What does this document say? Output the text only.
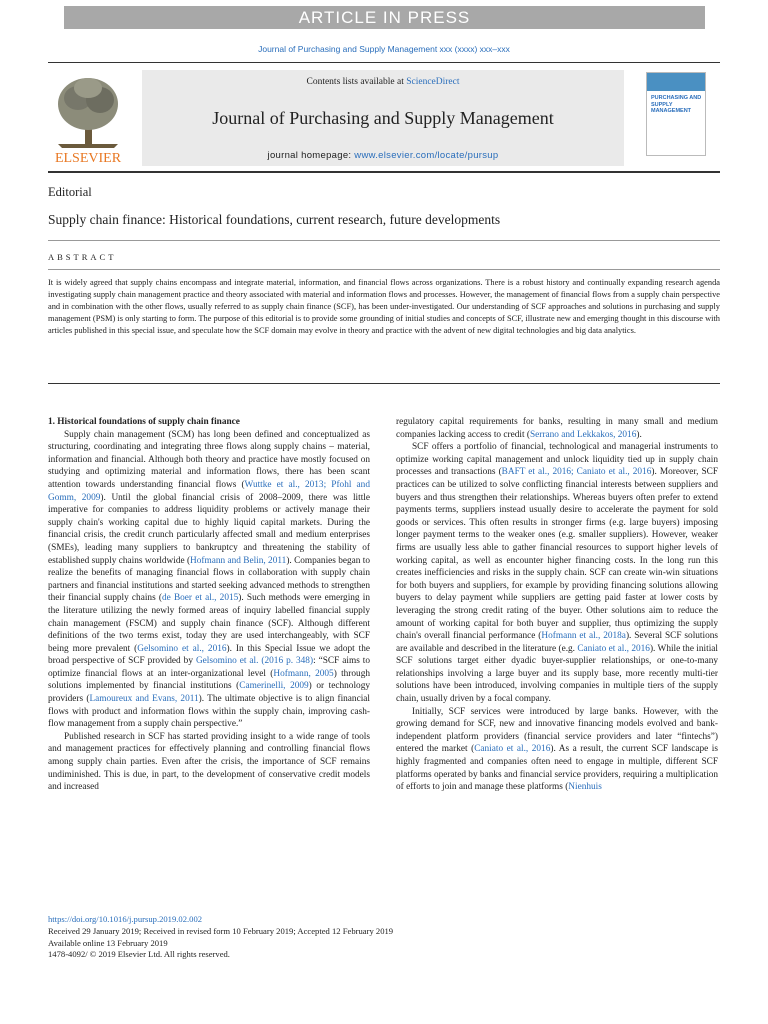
ARTICLE IN PRESS
Journal of Purchasing and Supply Management xxx (xxxx) xxx–xxx
ELSEVIER
Contents lists available at ScienceDirect
Journal of Purchasing and Supply Management
journal homepage: www.elsevier.com/locate/pursup
PURCHASING AND SUPPLY MANAGEMENT
Editorial
Supply chain finance: Historical foundations, current research, future developments
ABSTRACT
It is widely agreed that supply chains encompass and integrate material, information, and financial flows across organizations. There is a robust history and continually expanding research agenda investigating supply chain management practice and theory associated with material and information flows and processes. However, the management of financial flows from a supply chain perspective and in combination with the other flows, usually referred to as supply chain finance (SCF), has been under-investigated. Our understanding of SCF approaches and solutions in purchasing and supply management (PSM) is only starting to form. The purpose of this editorial is to provide some grounding of initial studies and concepts of SCF, illustrate new and emerging thought in this discourse with articles published in this special issue, and speculate how the SCF domain may evolve in theory and practice with the advent of new digital technologies and big data analytics.

1. Historical foundations of supply chain finance

Supply chain management (SCM) has long been defined and conceptualized as structuring, coordinating and integrating three flows along supply chains – material, information and financial. Although both theory and practice have mostly focused on studying and optimizing material and information flows, there has been scant attention towards understanding financial flows (Wuttke et al., 2013; Pfohl and Gomm, 2009). Until the global financial crisis of 2008–2009, there was little imperative for companies to address liquidity problems or actively manage their supply chain's working capital due to highly liquid capital markets. During the financial crisis, the credit crunch particularly affected small and medium enterprises (SMEs), leading many suppliers to bankruptcy and threatening the stability of established supply chains worldwide (Hofmann and Belin, 2011). Companies began to realize the benefits of managing financial flows in collaboration with supply chain partners and financial institutions and started seeking advanced methods to strengthen their financial supply chains (de Boer et al., 2015). Such methods were emerging in the literature utilizing the newly formed areas of inquiry labelled financial supply chain management (FSCM) and supply chain finance (SCF). Although different definitions of the two terms exist, today they are used interchangeably, with SCF being more prevalent (Gelsomino et al., 2016). In this Special Issue we adopt the broad perspective of SCF provided by Gelsomino et al. (2016 p. 348): “SCF aims to optimize financial flows at an inter-organizational level (Hofmann, 2005) through solutions implemented by financial institutions (Camerinelli, 2009) or technology providers (Lamoureux and Evans, 2011). The ultimate objective is to align financial flows with product and information flows within the supply chain, improving cash-flow management from a supply chain perspective.”

Published research in SCF has started providing insight to a wide range of tools and management practices for effectively planning and controlling financial flows among supply chain parties. Even after the crisis, the importance of SCF remains undiminished. This is due, in part, to the development of conservative credit models and increased

regulatory capital requirements for banks, resulting in many small and medium companies lacking access to credit (Serrano and Lekkakos, 2016).

SCF offers a portfolio of financial, technological and managerial instruments to optimize working capital management and unlock liquidity tied up in supply chain processes and transactions (BAFT et al., 2016; Caniato et al., 2016). Moreover, SCF practices can be utilized to solve conflicting financial interests between suppliers and buyers and thus strengthen their relationships. Whereas buyers often prefer to extend payments terms, suppliers instead usually desire to accelerate the payment for sold goods or services. This often results in stronger firms (e.g. large buyers) imposing longer payment terms to the weaker ones (e.g. smaller suppliers). However, weaker firms are usually less able to gather financial resources to support higher levels of working capital, as well as encounter higher financing costs. In the long run this creates inefficiencies and risks in the supply chain. SCF can create win-win situations for both buyers and suppliers, for example by providing financing solutions allowing buyers to delay payment while suppliers are getting paid faster at lower costs by leveraging the strong credit rating of the buyer. Other solutions aim to reduce the amount of working capital for both buyer and supplier, thus optimizing the supply chain's overall financial performance (Hofmann et al., 2018a). Several SCF solutions are available and described in the literature (e.g. Caniato et al., 2016). While the initial SCF solutions target either dyadic buyer-supplier relationships, or one-to-many relationships involving a large buyer and its supply base, more recently multi-tier solutions have been introduced, involving companies in multiple tiers of the supply chain, usually driven by a focal company.

Initially, SCF services were introduced by large banks. However, with the growing demand for SCF, new and innovative financing models evolved and bank-independent platform providers (financial service providers and later “fintechs”) entered the market (Caniato et al., 2016). As a result, the current SCF landscape is highly fragmented and companies often need to engage in multiple, different SCF platforms operated by banks and financial service providers, requiring a multiplication of efforts to join and manage these platforms (Nienhuis

https://doi.org/10.1016/j.pursup.2019.02.002
Received 29 January 2019; Received in revised form 10 February 2019; Accepted 12 February 2019
Available online 13 February 2019
1478-4092/ © 2019 Elsevier Ltd. All rights reserved.
